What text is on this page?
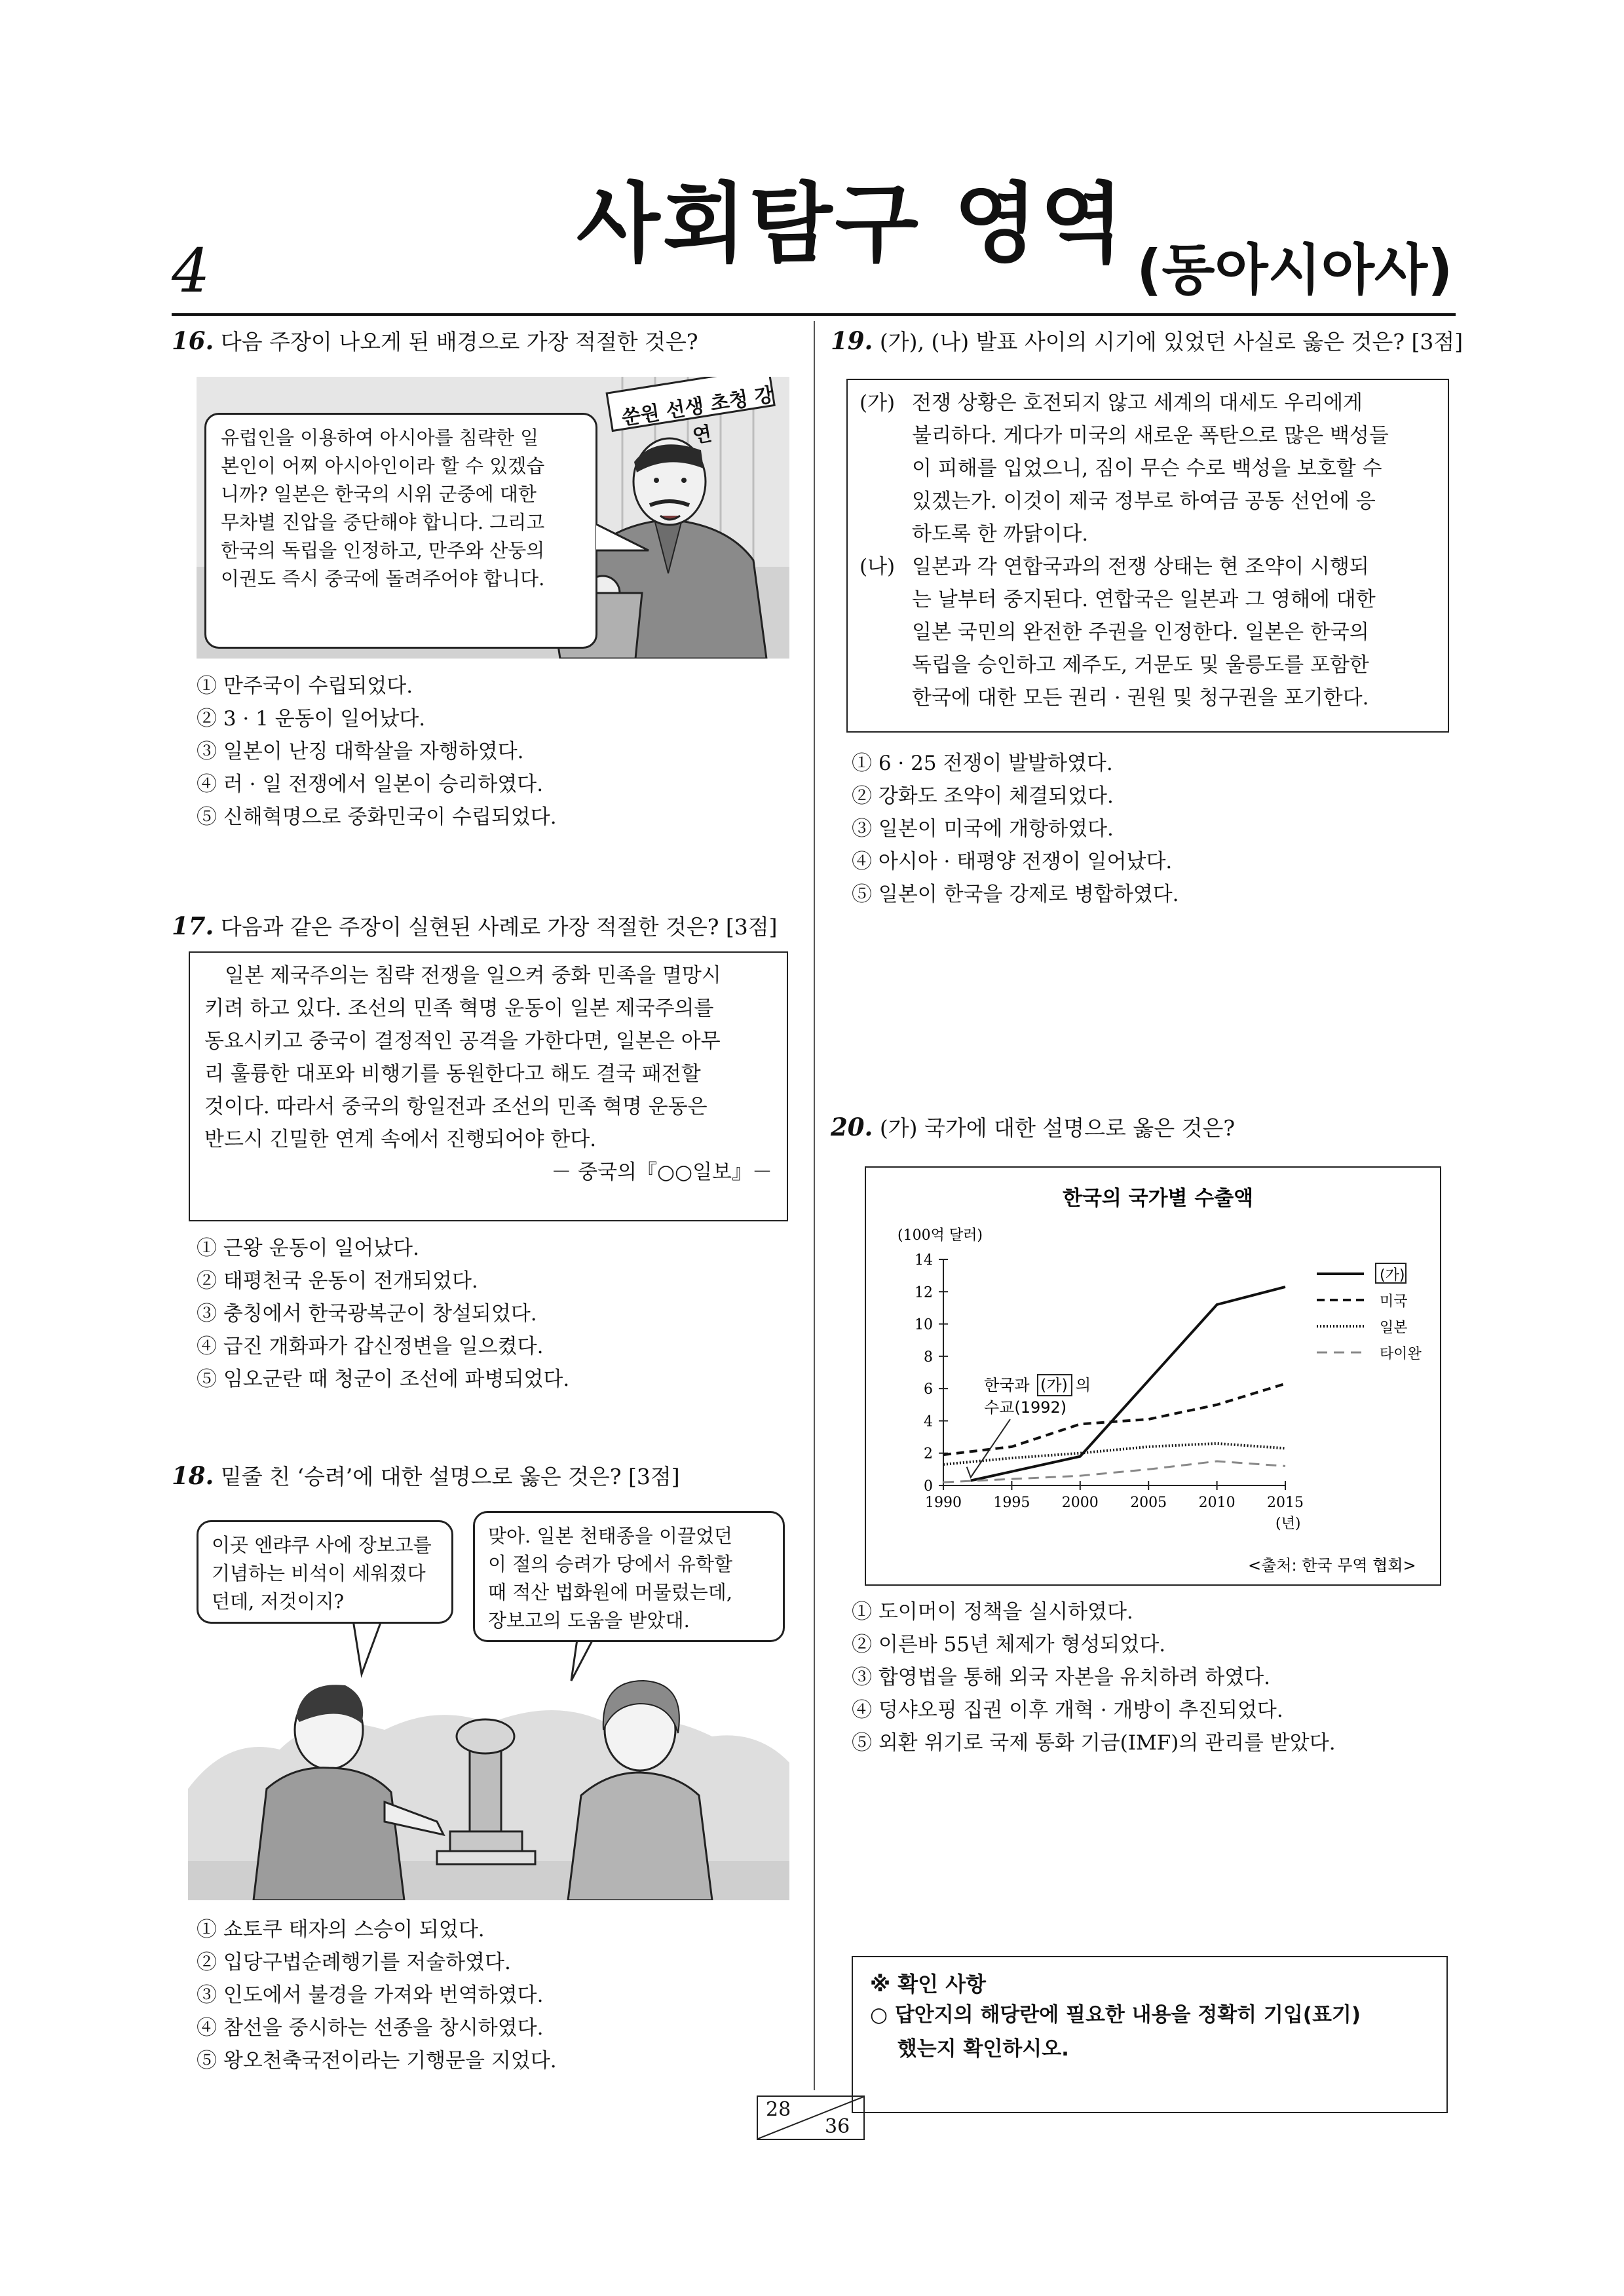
4	사회탐구 영역 (동아시아사)
16. 다음 주장이 나오게 된 배경으로 가장 적절한 것은?
쑨원 선생 초청 강연
유럽인을 이용하여 아시아를 침략한 일
본인이 어찌 아시아인이라 할 수 있겠습
니까? 일본은 한국의 시위 군중에 대한
무차별 진압을 중단해야 합니다. 그리고
한국의 독립을 인정하고, 만주와 산둥의
이권도 즉시 중국에 돌려주어야 합니다.
① 만주국이 수립되었다.
② 3 · 1 운동이 일어났다.
③ 일본이 난징 대학살을 자행하였다.
④ 러 · 일 전쟁에서 일본이 승리하였다.
⑤ 신해혁명으로 중화민국이 수립되었다.
17. 다음과 같은 주장이 실현된 사례로 가장 적절한 것은? [3점]
　일본 제국주의는 침략 전쟁을 일으켜 중화 민족을 멸망시
키려 하고 있다. 조선의 민족 혁명 운동이 일본 제국주의를
동요시키고 중국이 결정적인 공격을 가한다면, 일본은 아무
리 훌륭한 대포와 비행기를 동원한다고 해도 결국 패전할
것이다. 따라서 중국의 항일전과 조선의 민족 혁명 운동은
반드시 긴밀한 연계 속에서 진행되어야 한다.
－ 중국의『○○일보』－
① 근왕 운동이 일어났다.
② 태평천국 운동이 전개되었다.
③ 충칭에서 한국광복군이 창설되었다.
④ 급진 개화파가 갑신정변을 일으켰다.
⑤ 임오군란 때 청군이 조선에 파병되었다.
18. 밑줄 친 ‘승려’에 대한 설명으로 옳은 것은? [3점]
이곳 엔랴쿠 사에 장보고를
기념하는 비석이 세워졌다
던데, 저것이지?
맞아. 일본 천태종을 이끌었던
이 절의 승려가 당에서 유학할
때 적산 법화원에 머물렀는데,
장보고의 도움을 받았대.
① 쇼토쿠 태자의 스승이 되었다.
② 입당구법순례행기를 저술하였다.
③ 인도에서 불경을 가져와 번역하였다.
④ 참선을 중시하는 선종을 창시하였다.
⑤ 왕오천축국전이라는 기행문을 지었다.
19. (가), (나) 발표 사이의 시기에 있었던 사실로 옳은 것은? [3점]
(가) 전쟁 상황은 호전되지 않고 세계의 대세도 우리에게
불리하다. 게다가 미국의 새로운 폭탄으로 많은 백성들
이 피해를 입었으니, 짐이 무슨 수로 백성을 보호할 수
있겠는가. 이것이 제국 정부로 하여금 공동 선언에 응
하도록 한 까닭이다.
(나) 일본과 각 연합국과의 전쟁 상태는 현 조약이 시행되
는 날부터 중지된다. 연합국은 일본과 그 영해에 대한
일본 국민의 완전한 주권을 인정한다. 일본은 한국의
독립을 승인하고 제주도, 거문도 및 울릉도를 포함한
한국에 대한 모든 권리 · 권원 및 청구권을 포기한다.
① 6 · 25 전쟁이 발발하였다.
② 강화도 조약이 체결되었다.
③ 일본이 미국에 개항하였다.
④ 아시아 · 태평양 전쟁이 일어났다.
⑤ 일본이 한국을 강제로 병합하였다.
20. (가) 국가에 대한 설명으로 옳은 것은?
한국의 국가별 수출액
(100억 달러)
(년)
0
2
4
6
8
10
12
14
1990 1995 2000 2005 2010 2015
(가)
미국
일본
타이완
한국과 (가) 의
수교(1992)
<출처: 한국 무역 협회>
① 도이머이 정책을 실시하였다.
② 이른바 55년 체제가 형성되었다.
③ 합영법을 통해 외국 자본을 유치하려 하였다.
④ 덩샤오핑 집권 이후 개혁 · 개방이 추진되었다.
⑤ 외환 위기로 국제 통화 기금(IMF)의 관리를 받았다.
※ 확인 사항
○ 답안지의 해당란에 필요한 내용을 정확히 기입(표기)
　 했는지 확인하시오.
28
36
